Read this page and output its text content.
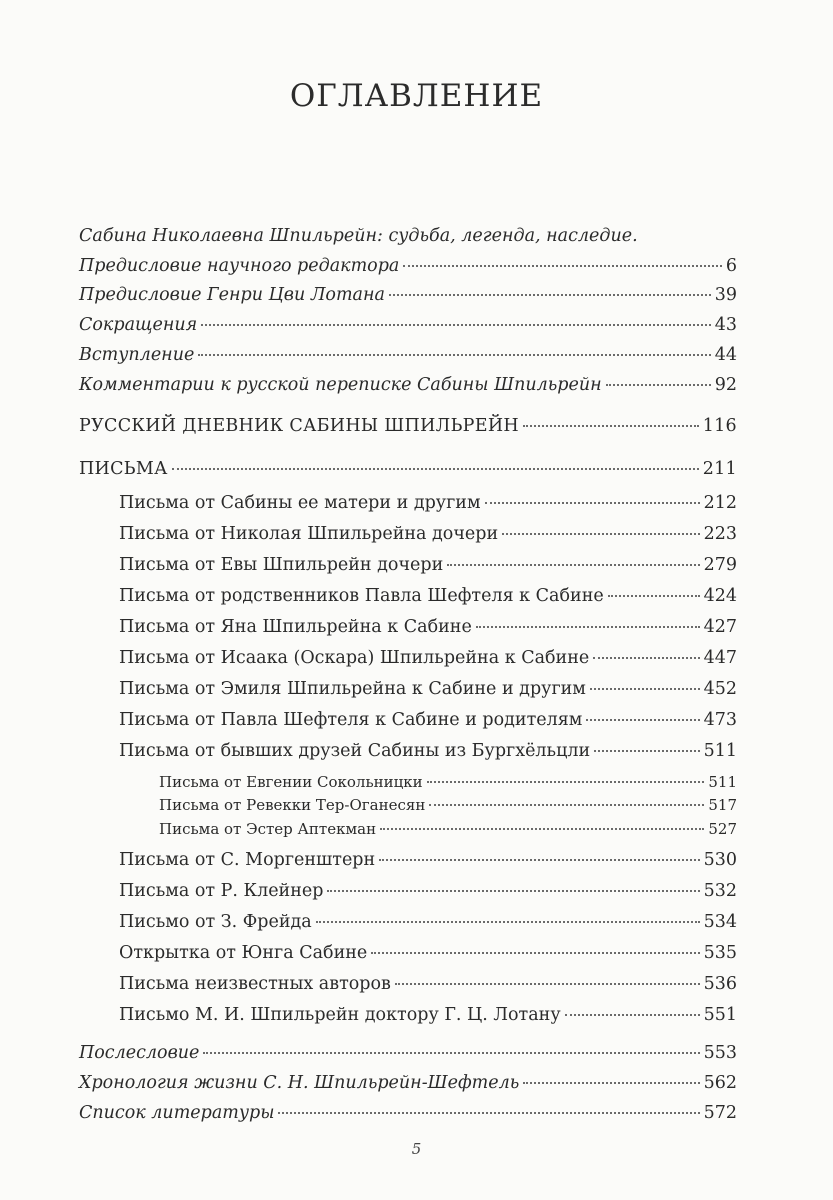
ОГЛАВЛЕНИЕ
Сабина Николаевна Шпильрейн: судьба, легенда, наследие.
Предисловие научного редактора	6
Предисловие Генри Цви Лотана	39
Сокращения	43
Вступление	44
Комментарии к русской переписке Сабины Шпильрейн	92
РУССКИЙ ДНЕВНИК САБИНЫ ШПИЛЬРЕЙН	116
ПИСЬМА	211
Письма от Сабины ее матери и другим	212
Письма от Николая Шпильрейна дочери	223
Письма от Евы Шпильрейн дочери	279
Письма от родственников Павла Шефтеля к Сабине	424
Письма от Яна Шпильрейна к Сабине	427
Письма от Исаака (Оскара) Шпильрейна к Сабине	447
Письма от Эмиля Шпильрейна к Сабине и другим	452
Письма от Павла Шефтеля к Сабине и родителям	473
Письма от бывших друзей Сабины из Бургхёльцли	511
Письма от Евгении Сокольницки	511
Письма от Ревекки Тер-Оганесян	517
Письма от Эстер Аптекман	527
Письма от С. Моргенштерн	530
Письма от Р. Клейнер	532
Письмо от З. Фрейда	534
Открытка от Юнга Сабине	535
Письма неизвестных авторов	536
Письмо М. И. Шпильрейн доктору Г. Ц. Лотану	551
Послесловие	553
Хронология жизни С. Н. Шпильрейн-Шефтель	562
Список литературы	572
5
